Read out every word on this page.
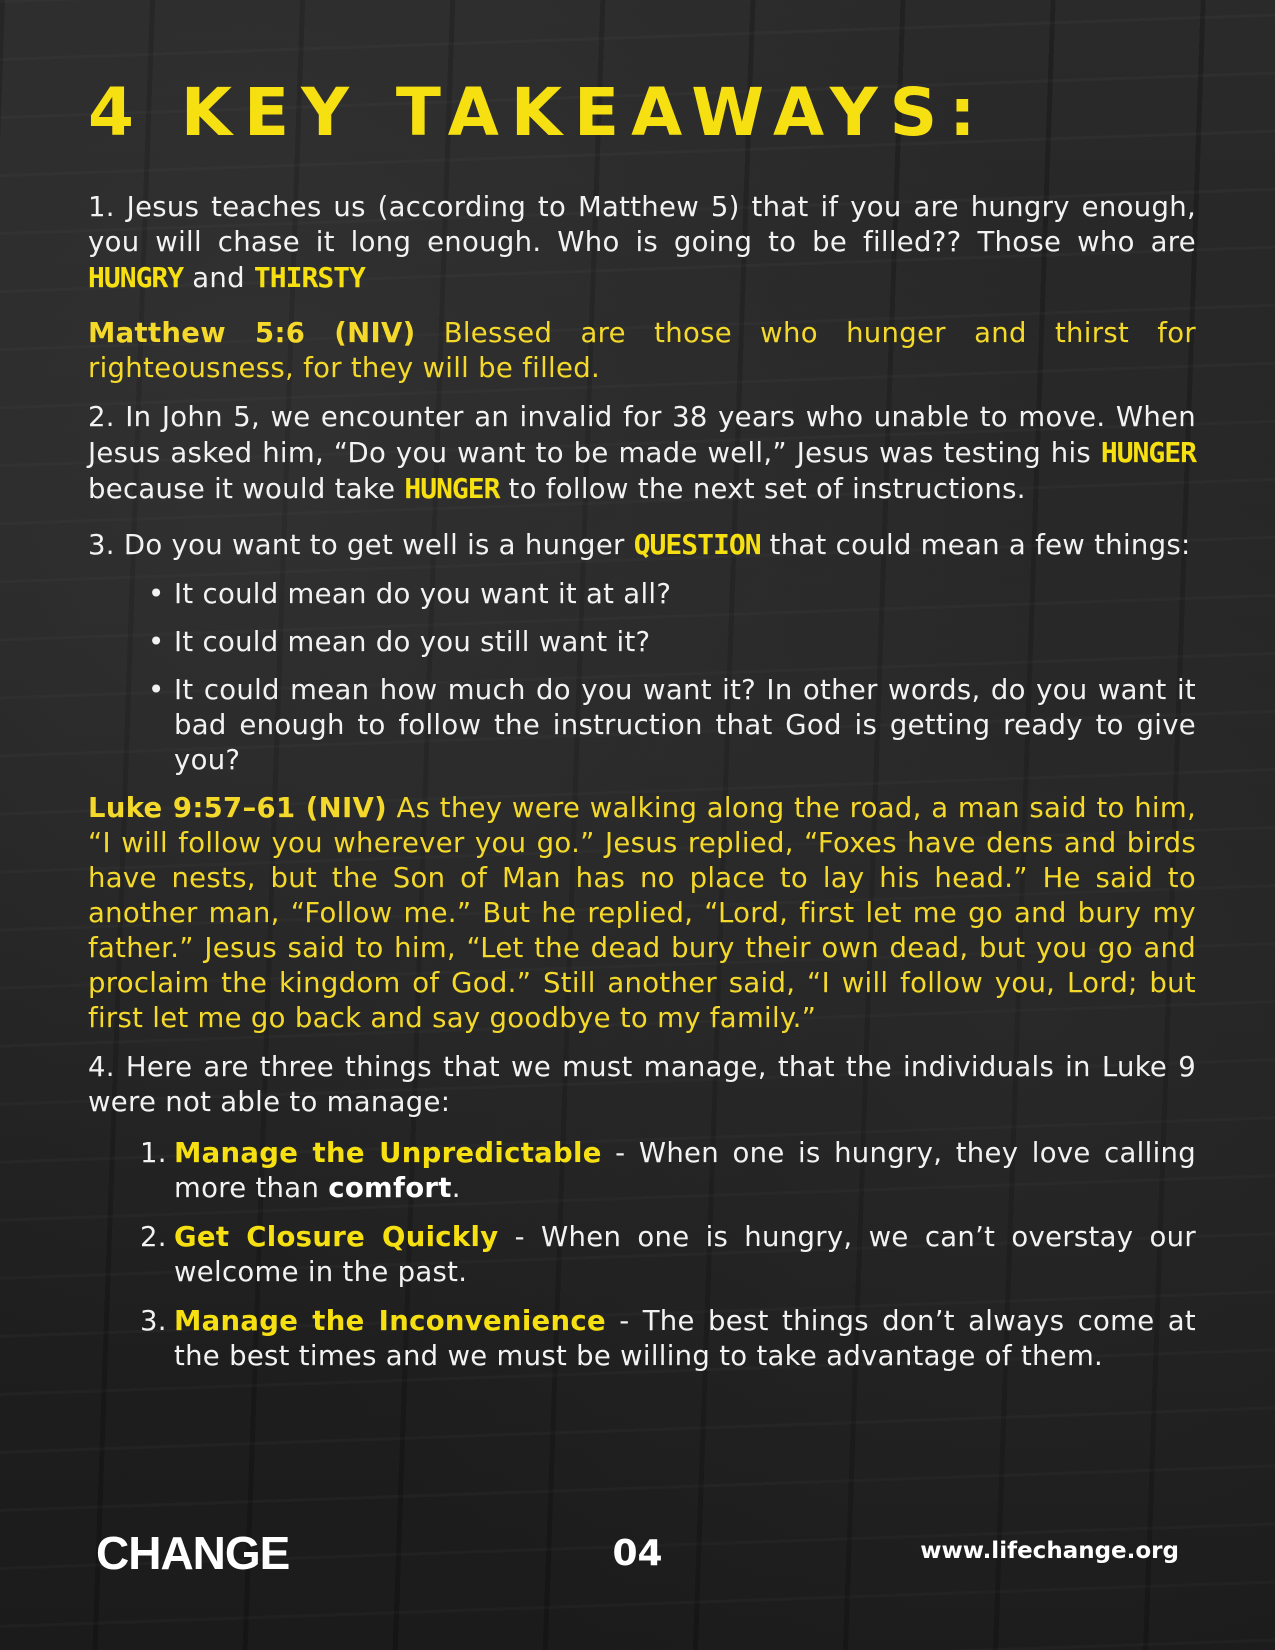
4 KEY TAKEAWAYS:

1. Jesus teaches us (according to Matthew 5) that if you are hungry enough, you will chase it long enough. Who is going to be filled?? Those who are HUNGRY and THIRSTY

Matthew 5:6 (NIV) Blessed are those who hunger and thirst for righteousness, for they will be filled.

2. In John 5, we encounter an invalid for 38 years who unable to move. When Jesus asked him, “Do you want to be made well,” Jesus was testing his HUNGER because it would take HUNGER to follow the next set of instructions.

3. Do you want to get well is a hunger QUESTION that could mean a few things:

• It could mean do you want it at all?
• It could mean do you still want it?
• It could mean how much do you want it? In other words, do you want it bad enough to follow the instruction that God is getting ready to give you?

Luke 9:57–61 (NIV) As they were walking along the road, a man said to him, “I will follow you wherever you go.” Jesus replied, “Foxes have dens and birds have nests, but the Son of Man has no place to lay his head.” He said to another man, “Follow me.” But he replied, “Lord, first let me go and bury my father.” Jesus said to him, “Let the dead bury their own dead, but you go and proclaim the kingdom of God.” Still another said, “I will follow you, Lord; but first let me go back and say goodbye to my family.”

4. Here are three things that we must manage, that the individuals in Luke 9 were not able to manage:

1. Manage the Unpredictable - When one is hungry, they love calling more than comfort.
2. Get Closure Quickly - When one is hungry, we can’t overstay our welcome in the past.
3. Manage the Inconvenience - The best things don’t always come at the best times and we must be willing to take advantage of them.
CHANGE	04	www.lifechange.org
